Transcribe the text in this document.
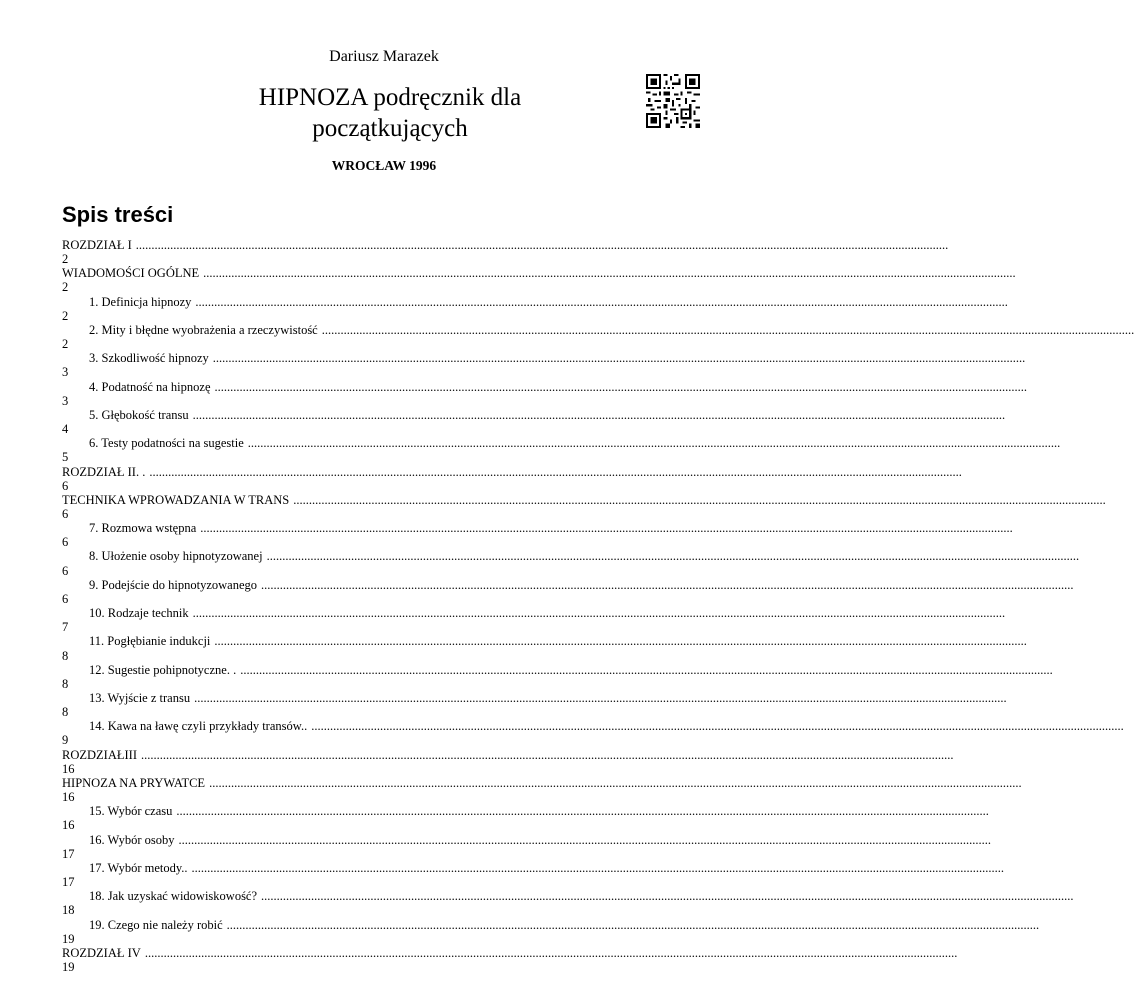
Dariusz Marazek
HIPNOZA podręcznik dla
początkujących
WROCŁAW 1996
Spis treści
ROZDZIAŁ I ....................................................................................................................................................................................................................................................................
2
WIADOMOŚCI OGÓLNE ....................................................................................................................................................................................................................................................................
2
1. Definicja hipnozy ....................................................................................................................................................................................................................................................................
2
2. Mity i błędne wyobrażenia a rzeczywistość ....................................................................................................................................................................................................................................................................
2
3. Szkodliwość hipnozy ....................................................................................................................................................................................................................................................................
3
4. Podatność na hipnozę ....................................................................................................................................................................................................................................................................
3
5. Głębokość transu ....................................................................................................................................................................................................................................................................
4
6. Testy podatności na sugestie ....................................................................................................................................................................................................................................................................
5
ROZDZIAŁ II. . ....................................................................................................................................................................................................................................................................
6
TECHNIKA WPROWADZANIA W TRANS ....................................................................................................................................................................................................................................................................
6
7. Rozmowa wstępna ....................................................................................................................................................................................................................................................................
6
8. Ułożenie osoby hipnotyzowanej ....................................................................................................................................................................................................................................................................
6
9. Podejście do hipnotyzowanego ....................................................................................................................................................................................................................................................................
6
10. Rodzaje technik ....................................................................................................................................................................................................................................................................
7
11. Pogłębianie indukcji ....................................................................................................................................................................................................................................................................
8
12. Sugestie pohipnotyczne. . ....................................................................................................................................................................................................................................................................
8
13. Wyjście z transu ....................................................................................................................................................................................................................................................................
8
14. Kawa na ławę czyli przykłady transów.. ....................................................................................................................................................................................................................................................................
9
ROZDZIAŁIII ....................................................................................................................................................................................................................................................................
16
HIPNOZA NA PRYWATCE ....................................................................................................................................................................................................................................................................
16
15. Wybór czasu ....................................................................................................................................................................................................................................................................
16
16. Wybór osoby ....................................................................................................................................................................................................................................................................
17
17. Wybór metody.. ....................................................................................................................................................................................................................................................................
17
18. Jak uzyskać widowiskowość? ....................................................................................................................................................................................................................................................................
18
19. Czego nie należy robić ....................................................................................................................................................................................................................................................................
19
ROZDZIAŁ IV ....................................................................................................................................................................................................................................................................
19
